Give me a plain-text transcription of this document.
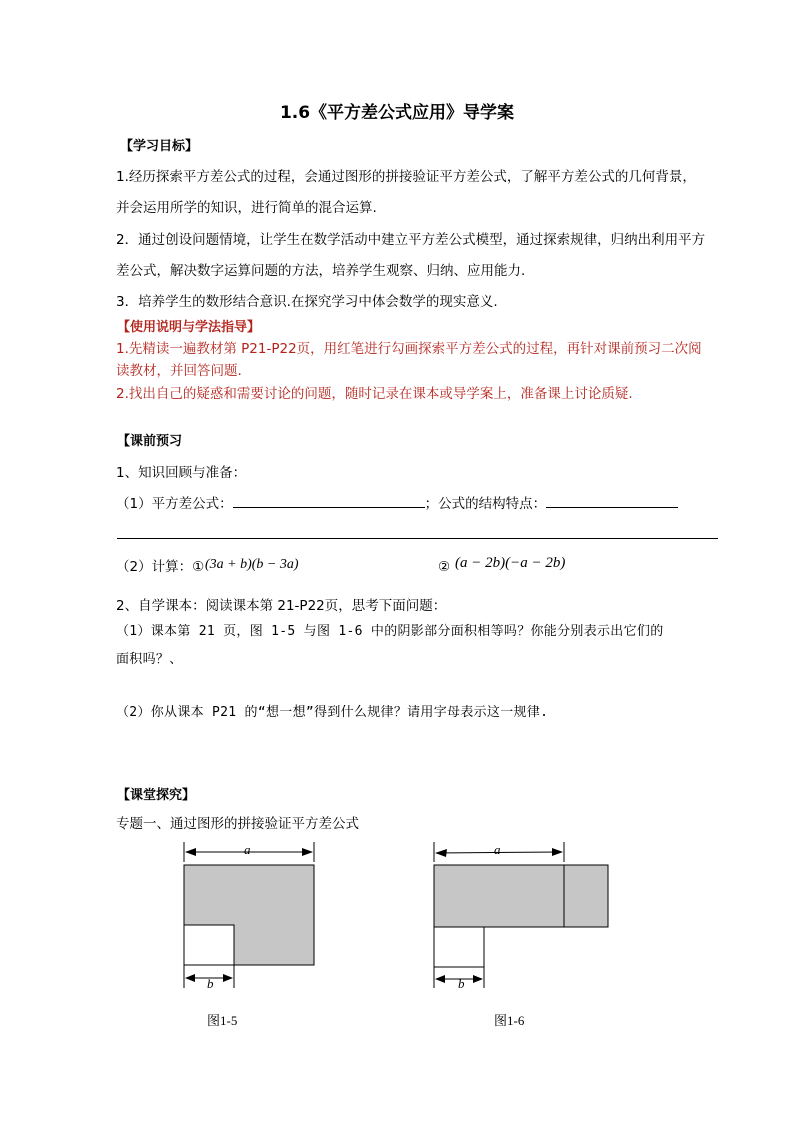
1.6《平方差公式应用》导学案
【学习目标】
1.经历探索平方差公式的过程，会通过图形的拼接验证平方差公式，了解平方差公式的几何背景，
并会运用所学的知识，进行简单的混合运算.
2．通过创设问题情境，让学生在数学活动中建立平方差公式模型，通过探索规律，归纳出利用平方
差公式，解决数字运算问题的方法，培养学生观察、归纳、应用能力.
3．培养学生的数形结合意识.在探究学习中体会数学的现实意义.
【使用说明与学法指导】
1.先精读一遍教材第 P21-P22页，用红笔进行勾画探索平方差公式的过程，再针对课前预习二次阅
读教材，并回答问题.
2.找出自己的疑惑和需要讨论的问题，随时记录在课本或导学案上，准备课上讨论质疑.
【课前预习
1、知识回顾与准备：
（1）平方差公式：	；公式的结构特点：
（2）计算：① (3a + b)(b − 3a)	② (a − 2b)(−a − 2b)
2、自学课本：阅读课本第 21-P22页，思考下面问题：
（1）课本第 21 页，图 1-5 与图 1-6 中的阴影部分面积相等吗？你能分别表示出它们的
面积吗？、
（2）你从课本 P21 的“想一想”得到什么规律？请用字母表示这一规律.
【课堂探究】
专题一、通过图形的拼接验证平方差公式
a
b
图1-5
a
b
图1-6
